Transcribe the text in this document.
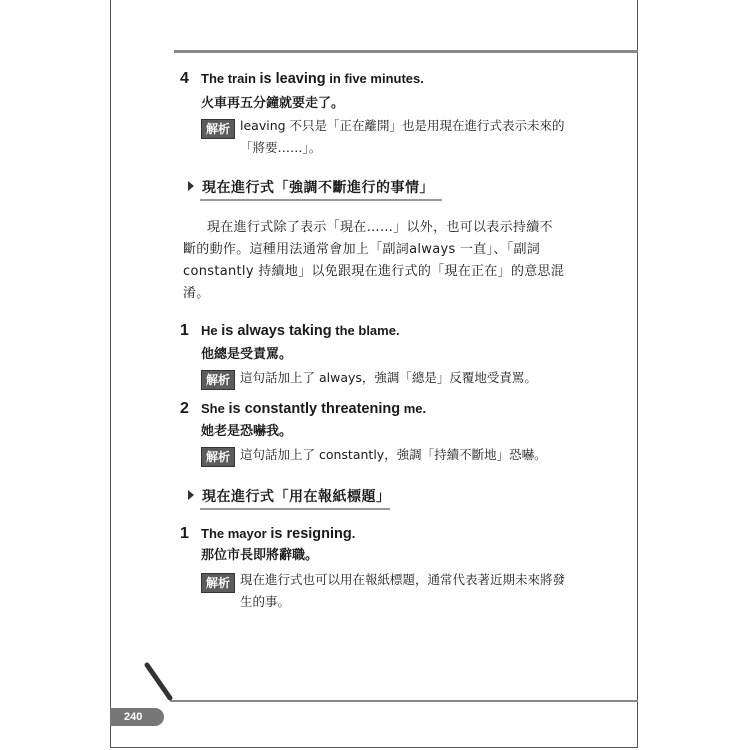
4 The train is leaving in five minutes.
火車再五分鐘就要走了。
解析 leaving 不只是「正在離開」也是用現在進行式表示未來的
「將要……」。
現在進行式「強調不斷進行的事情」
現在進行式除了表示「現在……」以外，也可以表示持續不
斷的動作。這種用法通常會加上「副詞always 一直」、「副詞
constantly 持續地」以免跟現在進行式的「現在正在」的意思混
淆。
1 He is always taking the blame.
他總是受責罵。
解析 這句話加上了 always，強調「總是」反覆地受責罵。
2 She is constantly threatening me.
她老是恐嚇我。
解析 這句話加上了 constantly，強調「持續不斷地」恐嚇。
現在進行式「用在報紙標題」
1 The mayor is resigning.
那位市長即將辭職。
解析 現在進行式也可以用在報紙標題，通常代表著近期未來將發
生的事。
240
